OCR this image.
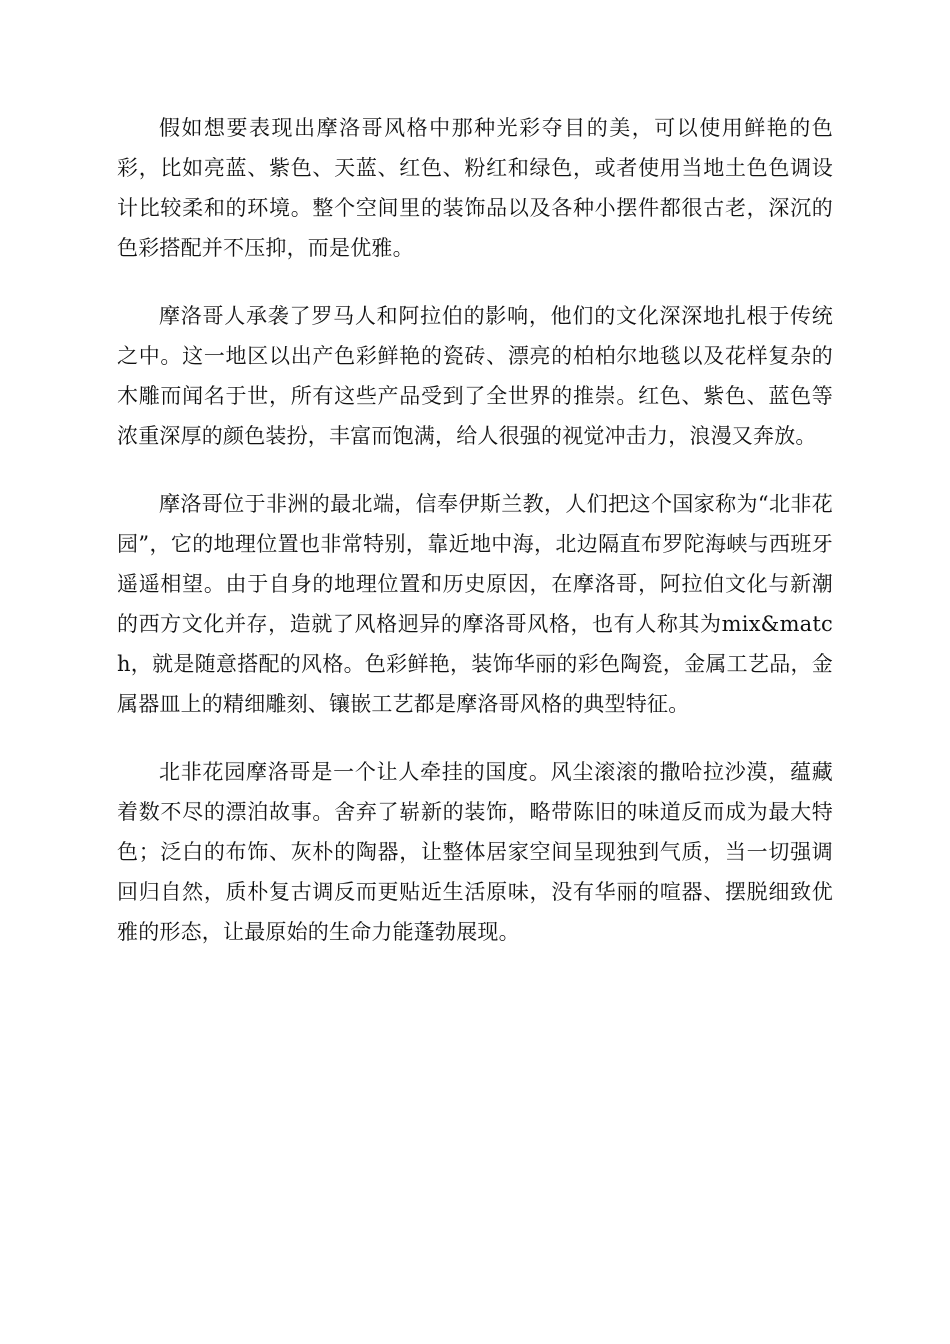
假如想要表现出摩洛哥风格中那种光彩夺目的美，可以使用鲜艳的色彩，比如亮蓝、紫色、天蓝、红色、粉红和绿色，或者使用当地土色色调设计比较柔和的环境。整个空间里的装饰品以及各种小摆件都很古老，深沉的色彩搭配并不压抑，而是优雅。

摩洛哥人承袭了罗马人和阿拉伯的影响，他们的文化深深地扎根于传统之中。这一地区以出产色彩鲜艳的瓷砖、漂亮的柏柏尔地毯以及花样复杂的木雕而闻名于世，所有这些产品受到了全世界的推崇。红色、紫色、蓝色等浓重深厚的颜色装扮，丰富而饱满，给人很强的视觉冲击力，浪漫又奔放。

摩洛哥位于非洲的最北端，信奉伊斯兰教，人们把这个国家称为“北非花园”，它的地理位置也非常特别，靠近地中海，北边隔直布罗陀海峡与西班牙遥遥相望。由于自身的地理位置和历史原因，在摩洛哥，阿拉伯文化与新潮的西方文化并存，造就了风格迥异的摩洛哥风格，也有人称其为mix&match，就是随意搭配的风格。色彩鲜艳，装饰华丽的彩色陶瓷，金属工艺品，金属器皿上的精细雕刻、镶嵌工艺都是摩洛哥风格的典型特征。

北非花园摩洛哥是一个让人牵挂的国度。风尘滚滚的撒哈拉沙漠，蕴藏着数不尽的漂泊故事。舍弃了崭新的装饰，略带陈旧的味道反而成为最大特色；泛白的布饰、灰朴的陶器，让整体居家空间呈现独到气质，当一切强调回归自然，质朴复古调反而更贴近生活原味，没有华丽的喧器、摆脱细致优雅的形态，让最原始的生命力能蓬勃展现。
